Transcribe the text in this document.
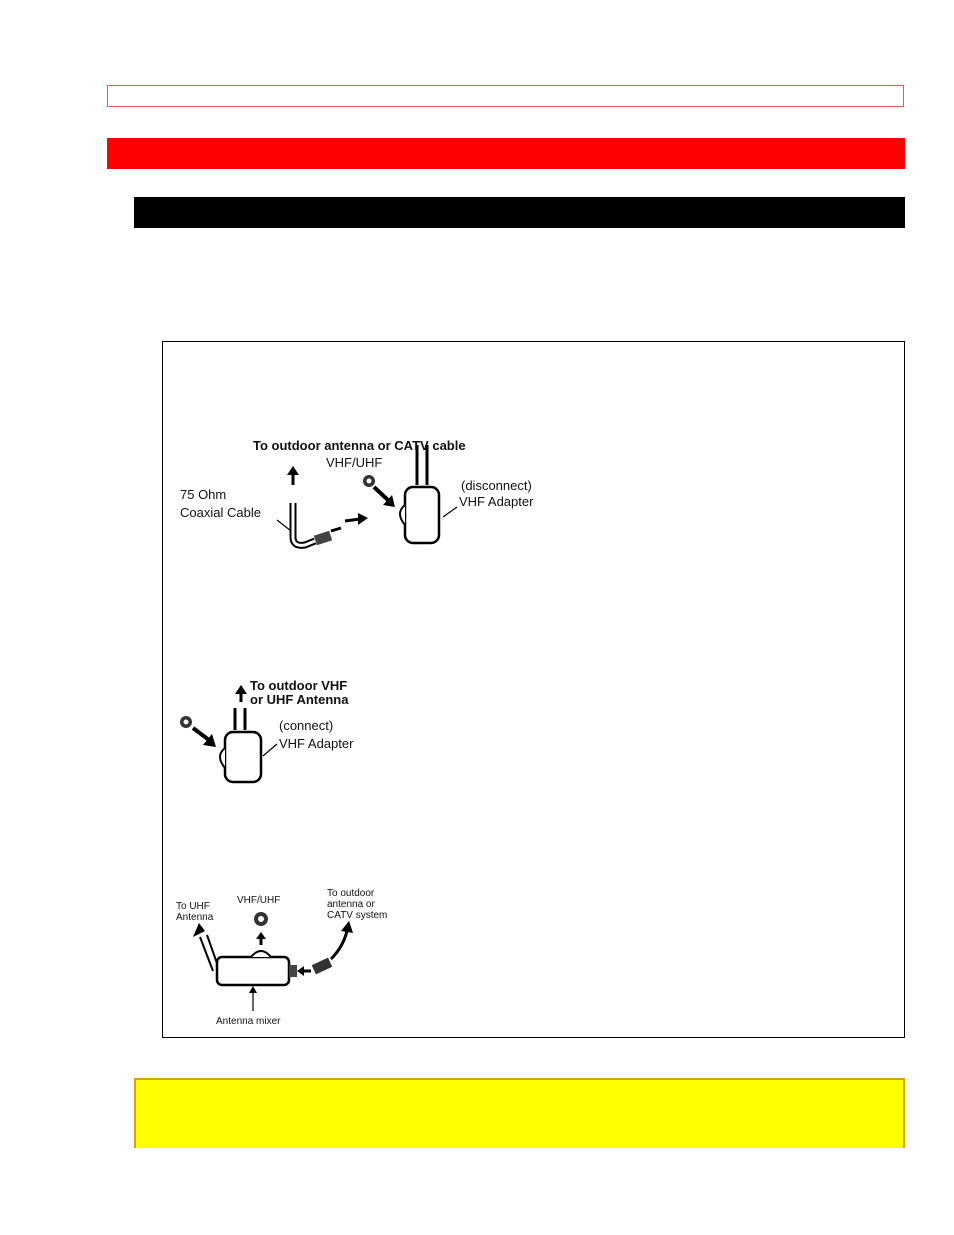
To outdoor antenna or CATV cable
VHF/UHF
75 Ohm
Coaxial Cable
(disconnect)
VHF Adapter
To outdoor VHF
or UHF Antenna
(connect)
VHF Adapter
To UHF
Antenna
VHF/UHF
To outdoor
antenna or
CATV system
Antenna mixer
